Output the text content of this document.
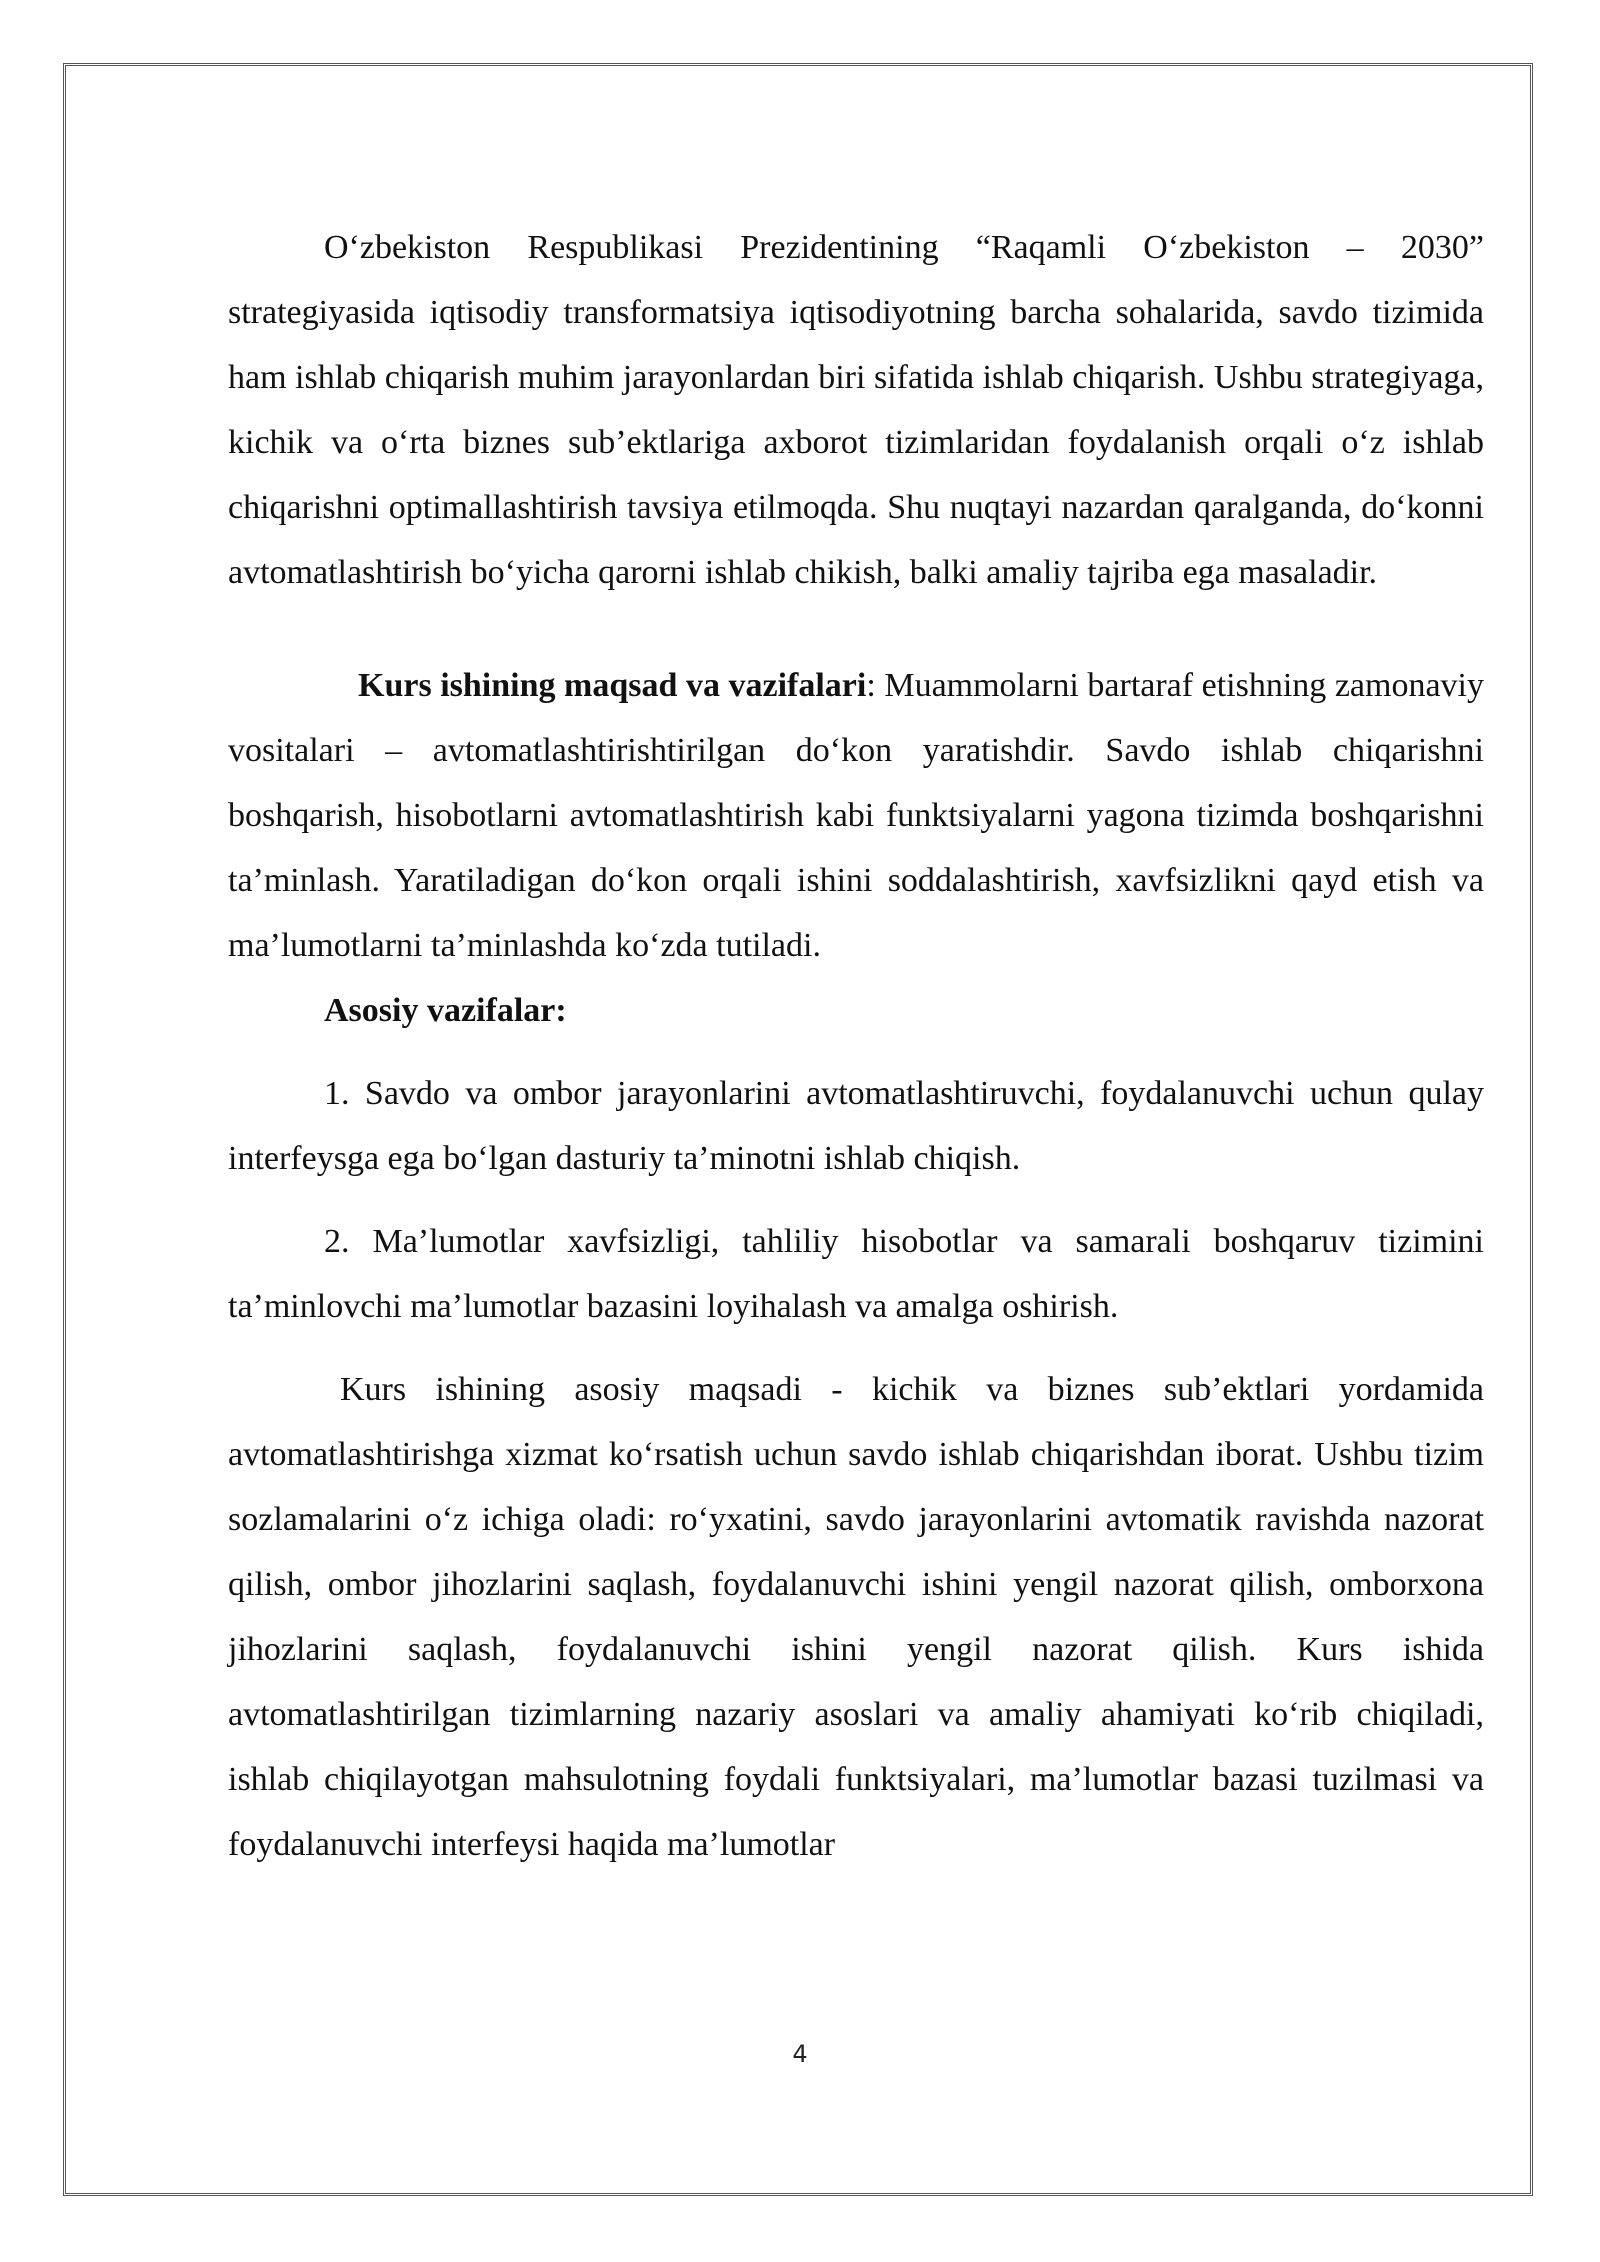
O‘zbekiston Respublikasi Prezidentining “Raqamli O‘zbekiston – 2030” strategiyasida iqtisodiy transformatsiya iqtisodiyotning barcha sohalarida, savdo tizimida ham ishlab chiqarish muhim jarayonlardan biri sifatida ishlab chiqarish. Ushbu strategiyaga, kichik va o‘rta biznes sub’ektlariga axborot tizimlaridan foydalanish orqali o‘z ishlab chiqarishni optimallashtirish tavsiya etilmoqda. Shu nuqtayi nazardan qaralganda, do‘konni avtomatlashtirish bo‘yicha qarorni ishlab chikish, balki amaliy tajriba ega masaladir.

Kurs ishining maqsad va vazifalari: Muammolarni bartaraf etishning zamonaviy vositalari – avtomatlashtirishtirilgan do‘kon yaratishdir. Savdo ishlab chiqarishni boshqarish, hisobotlarni avtomatlashtirish kabi funktsiyalarni yagona tizimda boshqarishni ta’minlash. Yaratiladigan do‘kon orqali ishini soddalashtirish, xavfsizlikni qayd etish va ma’lumotlarni ta’minlashda ko‘zda tutiladi.

Asosiy vazifalar:

1. Savdo va ombor jarayonlarini avtomatlashtiruvchi, foydalanuvchi uchun qulay interfeysga ega bo‘lgan dasturiy ta’minotni ishlab chiqish.

2. Ma’lumotlar xavfsizligi, tahliliy hisobotlar va samarali boshqaruv tizimini ta’minlovchi ma’lumotlar bazasini loyihalash va amalga oshirish.

Kurs ishining asosiy maqsadi - kichik va biznes sub’ektlari yordamida avtomatlashtirishga xizmat ko‘rsatish uchun savdo ishlab chiqarishdan iborat. Ushbu tizim sozlamalarini o‘z ichiga oladi: ro‘yxatini, savdo jarayonlarini avtomatik ravishda nazorat qilish, ombor jihozlarini saqlash, foydalanuvchi ishini yengil nazorat qilish, omborxona jihozlarini saqlash, foydalanuvchi ishini yengil nazorat qilish. Kurs ishida avtomatlashtirilgan tizimlarning nazariy asoslari va amaliy ahamiyati ko‘rib chiqiladi, ishlab chiqilayotgan mahsulotning foydali funktsiyalari, ma’lumotlar bazasi tuzilmasi va foydalanuvchi interfeysi haqida ma’lumotlar

4
